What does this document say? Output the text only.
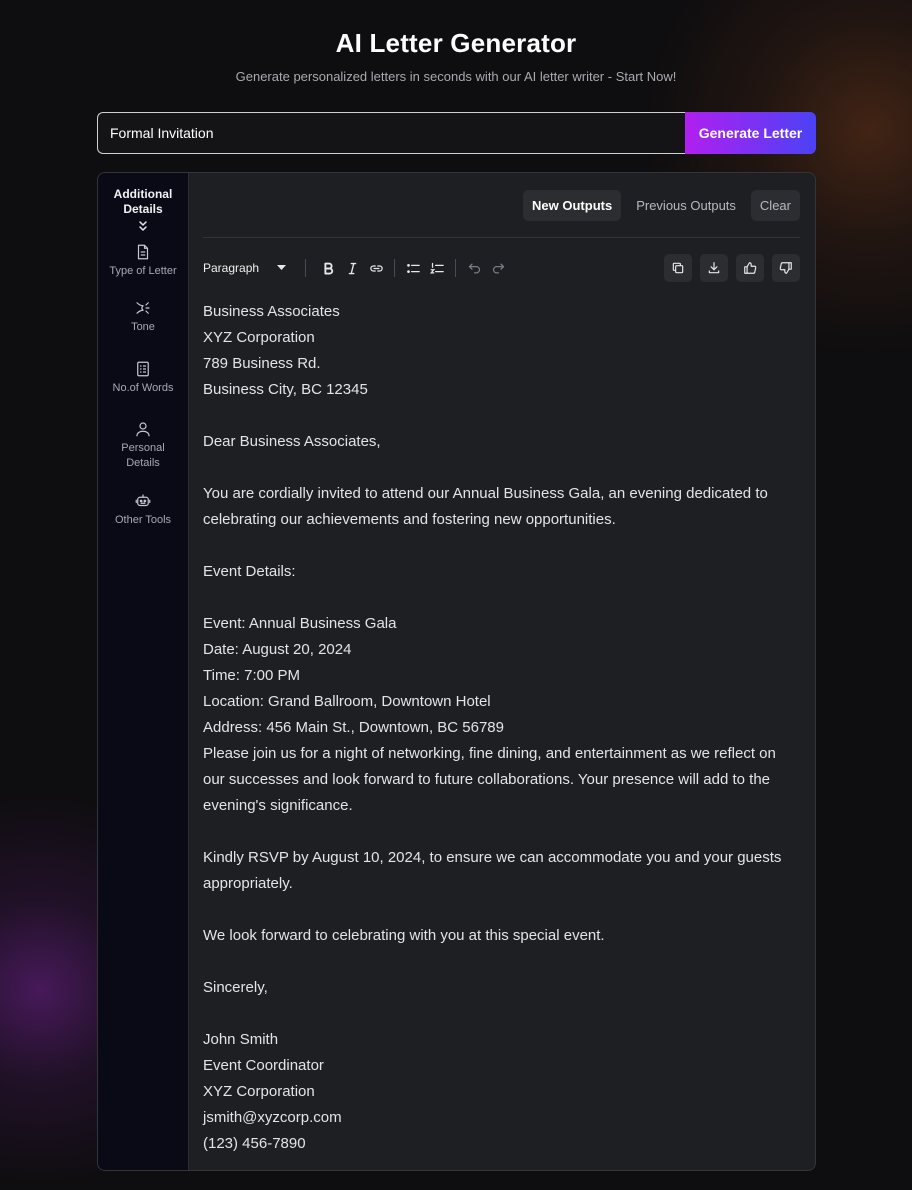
AI Letter Generator
Generate personalized letters in seconds with our AI letter writer - Start Now!
Formal Invitation
Generate Letter
Additional Details
Type of Letter
Tone
No.of Words
Personal Details
Other Tools
New Outputs	Previous Outputs	Clear
Paragraph

Business Associates

XYZ Corporation

789 Business Rd.

Business City, BC 12345

Dear Business Associates,

You are cordially invited to attend our Annual Business Gala, an evening dedicated to celebrating our achievements and fostering new opportunities.

Event Details:

Event: Annual Business Gala

Date: August 20, 2024

Time: 7:00 PM

Location: Grand Ballroom, Downtown Hotel

Address: 456 Main St., Downtown, BC 56789

Please join us for a night of networking, fine dining, and entertainment as we reflect on our successes and look forward to future collaborations. Your presence will add to the evening's significance.

Kindly RSVP by August 10, 2024, to ensure we can accommodate you and your guests appropriately.

We look forward to celebrating with you at this special event.

Sincerely,

John Smith

Event Coordinator

XYZ Corporation

jsmith@xyzcorp.com

(123) 456-7890
